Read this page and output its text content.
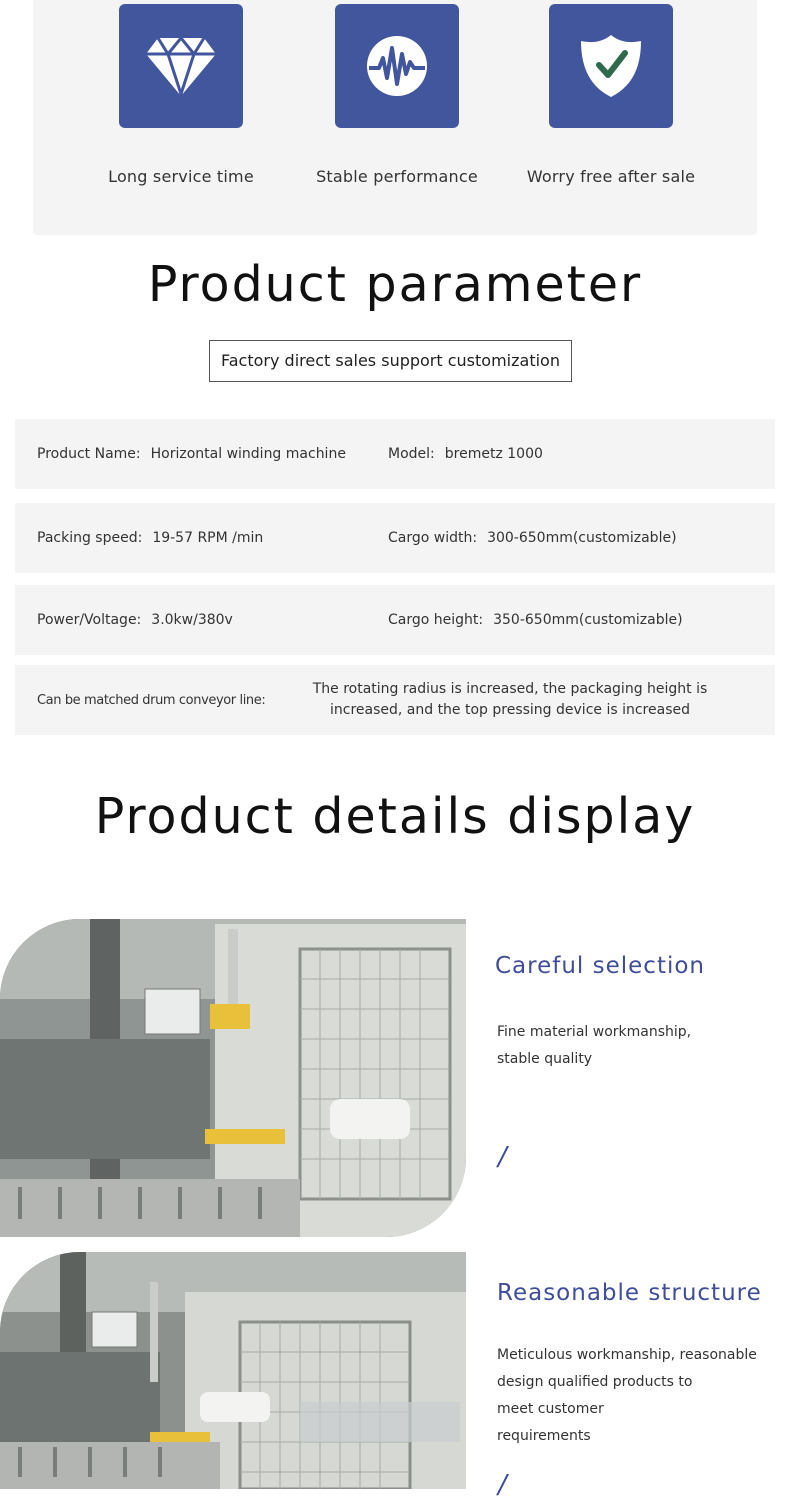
Long service time	Stable performance	Worry free after sale
Product parameter
Factory direct sales support customization
Product Name: Horizontal winding machine	Model: bremetz 1000
Packing speed: 19-57 RPM /min	Cargo width: 300-650mm(customizable)
Power/Voltage: 3.0kw/380v	Cargo height: 350-650mm(customizable)
Can be matched drum conveyor line:
The rotating radius is increased, the packaging height is increased, and the top pressing device is increased
Product details display
Careful selection
Fine material workmanship,
stable quality
/
Reasonable structure
Meticulous workmanship, reasonable
design qualified products to
meet customer
requirements
/
